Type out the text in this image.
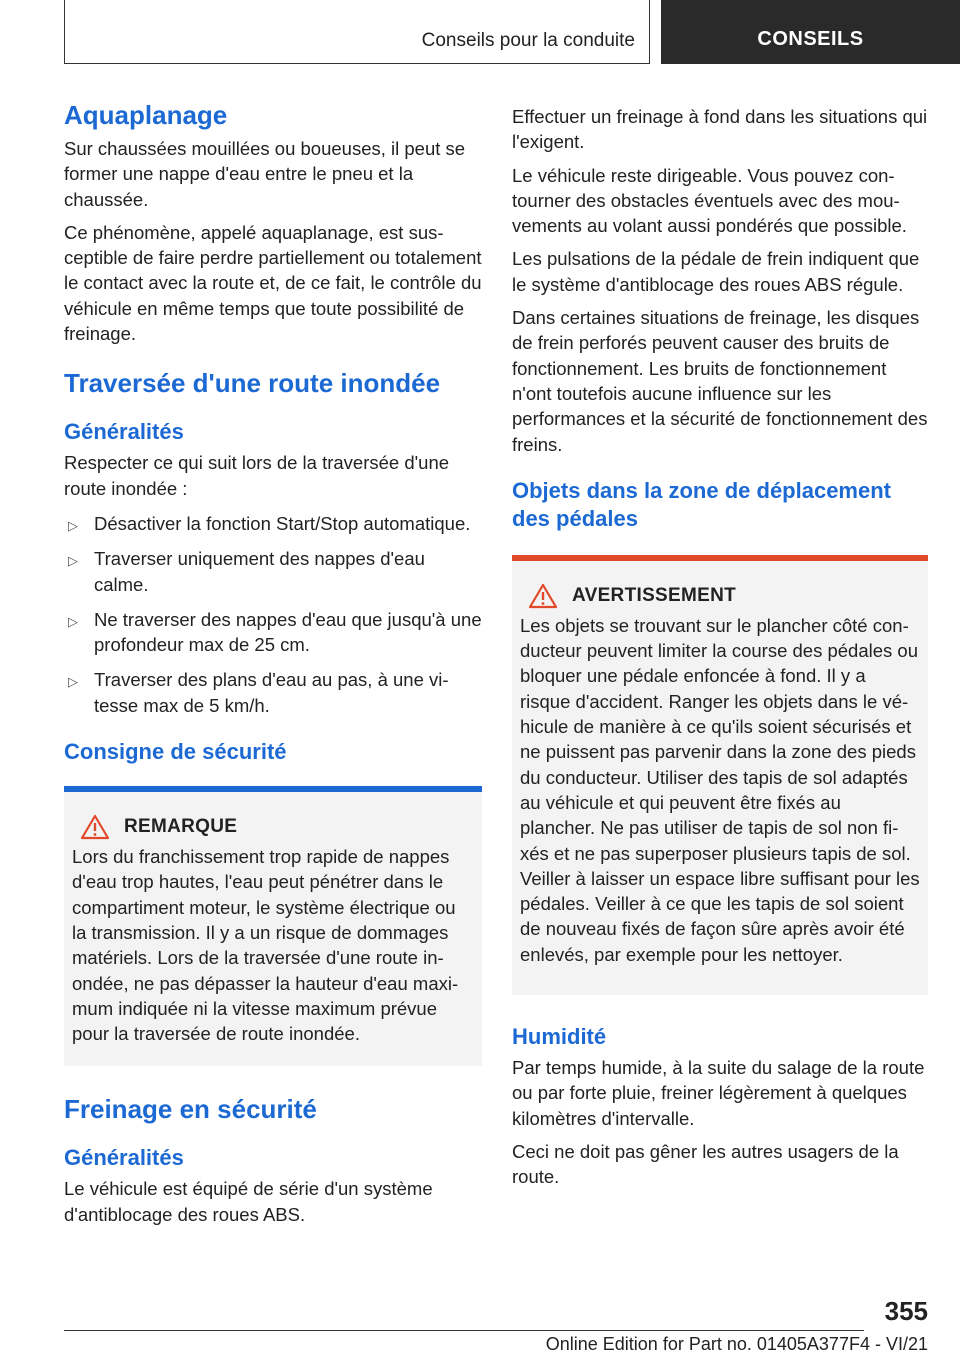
Conseils pour la conduite	CONSEILS
Aquaplanage

Sur chaussées mouillées ou boueuses, il peut se former une nappe d'eau entre le pneu et la chaussée.

Ce phénomène, appelé aquaplanage, est susceptible de faire perdre partiellement ou totalement le contact avec la route et, de ce fait, le contrôle du véhicule en même temps que toute possibilité de freinage.

Traversée d'une route inondée
Généralités

Respecter ce qui suit lors de la traversée d'une route inondée :

▷ Désactiver la fonction Start/Stop automatique.
▷ Traverser uniquement des nappes d'eau calme.
▷ Ne traverser des nappes d'eau que jusqu'à une profondeur max de 25 cm.
▷ Traverser des plans d'eau au pas, à une vitesse max de 5 km/h.
Consigne de sécurité
REMARQUE

Lors du franchissement trop rapide de nappes d'eau trop hautes, l'eau peut pénétrer dans le compartiment moteur, le système électrique ou la transmission. Il y a un risque de dommages matériels. Lors de la traversée d'une route inondée, ne pas dépasser la hauteur d'eau maximum indiquée ni la vitesse maximum prévue pour la traversée de route inondée.

Freinage en sécurité
Généralités

Le véhicule est équipé de série d'un système d'antiblocage des roues ABS.

Effectuer un freinage à fond dans les situations qui l'exigent.

Le véhicule reste dirigeable. Vous pouvez contourner des obstacles éventuels avec des mouvements au volant aussi pondérés que possible.

Les pulsations de la pédale de frein indiquent que le système d'antiblocage des roues ABS régule.

Dans certaines situations de freinage, les disques de frein perforés peuvent causer des bruits de fonctionnement. Les bruits de fonctionnement n'ont toutefois aucune influence sur les performances et la sécurité de fonctionnement des freins.

Objets dans la zone de déplacement des pédales
AVERTISSEMENT

Les objets se trouvant sur le plancher côté conducteur peuvent limiter la course des pédales ou bloquer une pédale enfoncée à fond. Il y a risque d'accident. Ranger les objets dans le véhicule de manière à ce qu'ils soient sécurisés et ne puissent pas parvenir dans la zone des pieds du conducteur. Utiliser des tapis de sol adaptés au véhicule et qui peuvent être fixés au plancher. Ne pas utiliser de tapis de sol non fixés et ne pas superposer plusieurs tapis de sol. Veiller à laisser un espace libre suffisant pour les pédales. Veiller à ce que les tapis de sol soient de nouveau fixés de façon sûre après avoir été enlevés, par exemple pour les nettoyer.

Humidité

Par temps humide, à la suite du salage de la route ou par forte pluie, freiner légèrement à quelques kilomètres d'intervalle.

Ceci ne doit pas gêner les autres usagers de la route.

355
Online Edition for Part no. 01405A377F4 - VI/21
